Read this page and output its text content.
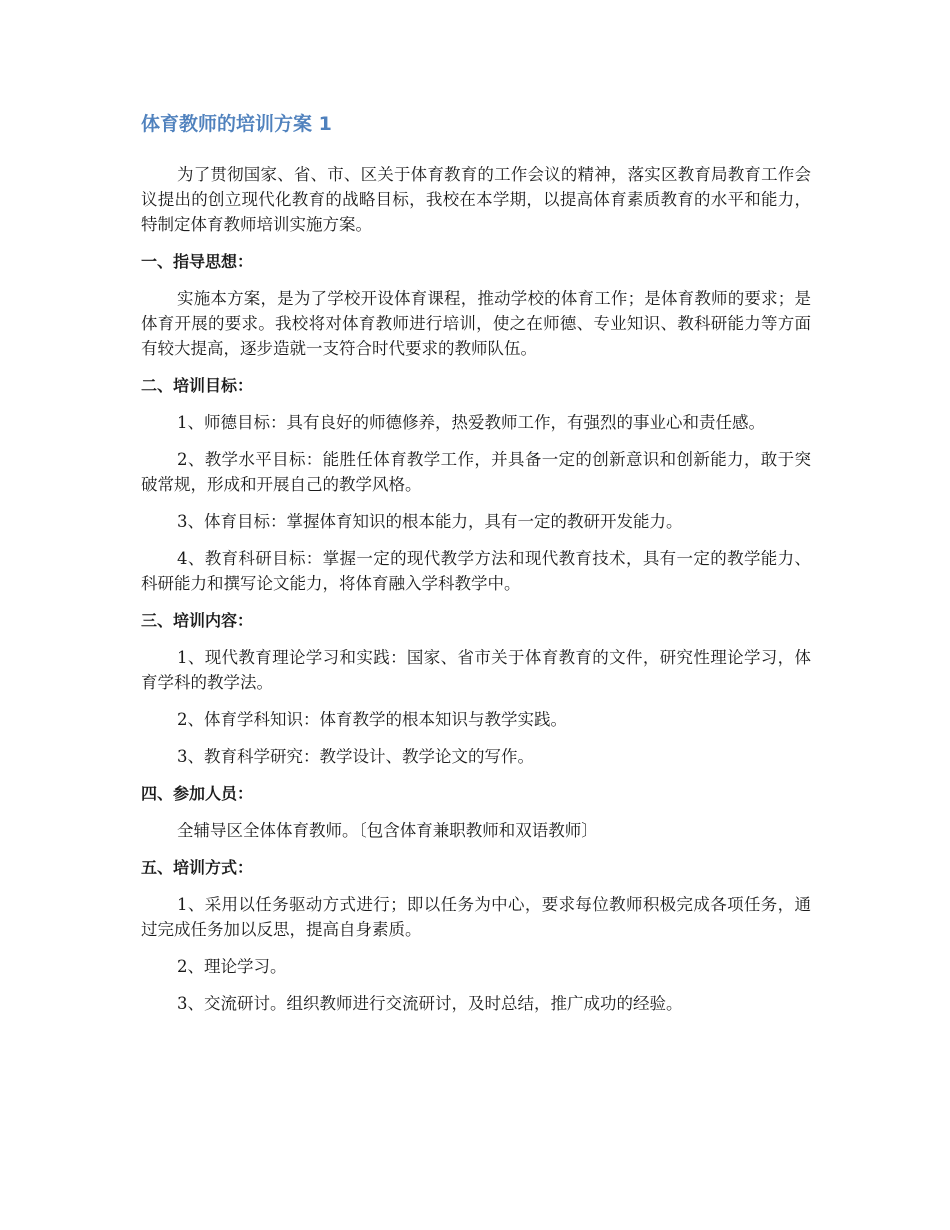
体育教师的培训方案 1

为了贯彻国家、省、市、区关于体育教育的工作会议的精神，落实区教育局教育工作会议提出的创立现代化教育的战略目标，我校在本学期，以提高体育素质教育的水平和能力，特制定体育教师培训实施方案。

一、指导思想：

实施本方案，是为了学校开设体育课程，推动学校的体育工作；是体育教师的要求；是体育开展的要求。我校将对体育教师进行培训，使之在师德、专业知识、教科研能力等方面有较大提高，逐步造就一支符合时代要求的教师队伍。

二、培训目标：

1、师德目标：具有良好的师德修养，热爱教师工作，有强烈的事业心和责任感。

2、教学水平目标：能胜任体育教学工作，并具备一定的创新意识和创新能力，敢于突破常规，形成和开展自己的教学风格。

3、体育目标：掌握体育知识的根本能力，具有一定的教研开发能力。

4、教育科研目标：掌握一定的现代教学方法和现代教育技术，具有一定的教学能力、科研能力和撰写论文能力，将体育融入学科教学中。

三、培训内容：

1、现代教育理论学习和实践：国家、省市关于体育教育的文件，研究性理论学习，体育学科的教学法。

2、体育学科知识：体育教学的根本知识与教学实践。

3、教育科学研究：教学设计、教学论文的写作。

四、参加人员：

全辅导区全体体育教师。〔包含体育兼职教师和双语教师〕

五、培训方式：

1、采用以任务驱动方式进行；即以任务为中心，要求每位教师积极完成各项任务，通过完成任务加以反思，提高自身素质。

2、理论学习。

3、交流研讨。组织教师进行交流研讨，及时总结，推广成功的经验。
